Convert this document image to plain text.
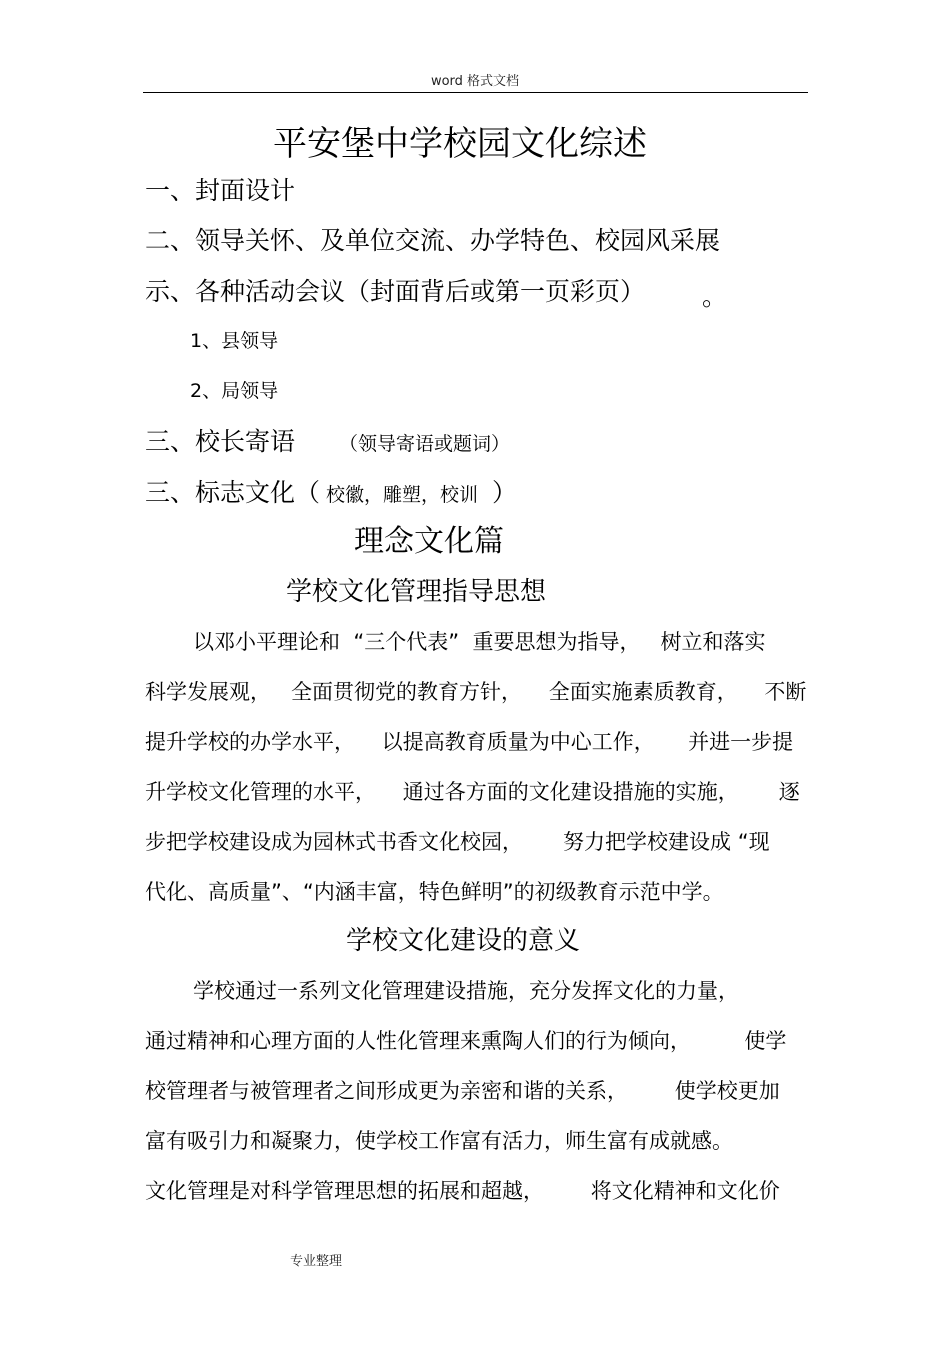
word 格式文档
平安堡中学校园文化综述
一、封面设计
二、领导关怀、及单位交流、办学特色、校园风采展
示、各种活动会议（封面背后或第一页彩页） 。
1、县领导
2、局领导
三、校长寄语 （领导寄语或题词）
三、标志文化（ 校徽，雕塑，校训 ）
理念文化篇
学校文化管理指导思想
以邓小平理论和  “三个代表”  重要思想为指导，   树立和落实
科学发展观，   全面贯彻党的教育方针，    全面实施素质教育，    不断
提升学校的办学水平，    以提高教育质量为中心工作，     并进一步提
升学校文化管理的水平，    通过各方面的文化建设措施的实施，      逐
步把学校建设成为园林式书香文化校园，      努力把学校建设成 “现
代化、高质量”、“内涵丰富，特色鲜明”的初级教育示范中学。
学校文化建设的意义
学校通过一系列文化管理建设措施，充分发挥文化的力量，
通过精神和心理方面的人性化管理来熏陶人们的行为倾向，        使学
校管理者与被管理者之间形成更为亲密和谐的关系，       使学校更加
富有吸引力和凝聚力，使学校工作富有活力，师生富有成就感。
文化管理是对科学管理思想的拓展和超越，       将文化精神和文化价
专业整理
